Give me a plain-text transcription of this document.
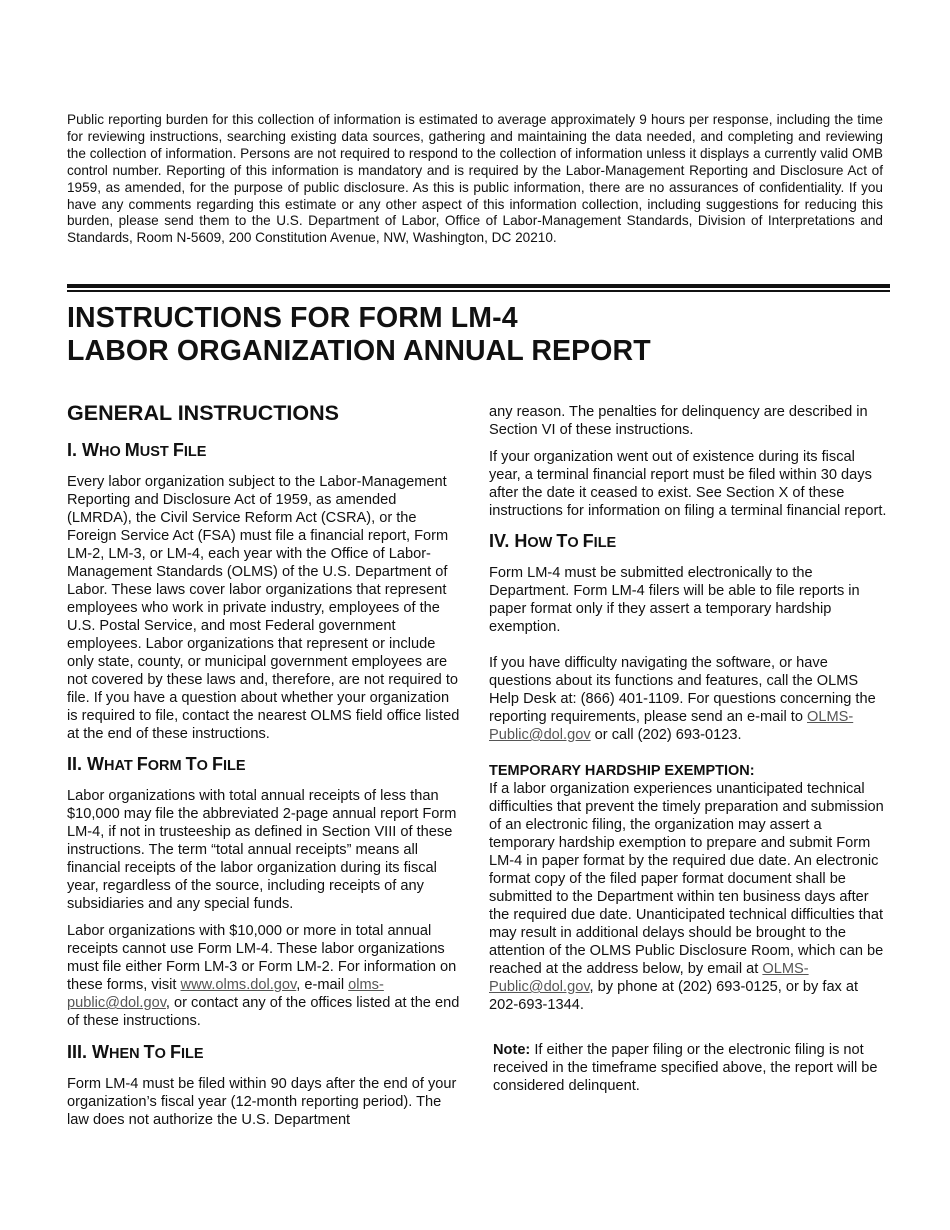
Public reporting burden for this collection of information is estimated to average approximately 9 hours per response, including the time for reviewing instructions, searching existing data sources, gathering and maintaining the data needed, and completing and reviewing the collection of information. Persons are not required to respond to the collection of information unless it displays a currently valid OMB control number. Reporting of this information is mandatory and is required by the Labor-Management Reporting and Disclosure Act of 1959, as amended, for the purpose of public disclosure. As this is public information, there are no assurances of confidentiality. If you have any comments regarding this estimate or any other aspect of this information collection, including suggestions for reducing this burden, please send them to the U.S. Department of Labor, Office of Labor-Management Standards, Division of Interpretations and Standards, Room N-5609, 200 Constitution Avenue, NW, Washington, DC 20210.

INSTRUCTIONS FOR FORM LM-4
LABOR ORGANIZATION ANNUAL REPORT
GENERAL INSTRUCTIONS
I. WHO MUST FILE

Every labor organization subject to the Labor-Management Reporting and Disclosure Act of 1959, as amended (LMRDA), the Civil Service Reform Act (CSRA), or the Foreign Service Act (FSA) must file a financial report, Form LM-2, LM-3, or LM-4, each year with the Office of Labor- Management Standards (OLMS) of the U.S. Department of Labor. These laws cover labor organizations that represent employees who work in private industry, employees of the
U.S. Postal Service, and most Federal government employees. Labor organizations that represent or include only state, county, or municipal government employees are not covered by these laws and, therefore, are not required to file. If you have a question about whether your organization is required to file, contact the nearest OLMS field office listed at the end of these instructions.

II. WHAT FORM TO FILE

Labor organizations with total annual receipts of less than $10,000 may file the abbreviated 2-page annual report Form LM-4, if not in trusteeship as defined in Section VIII of these instructions. The term “total annual receipts” means all financial receipts of the labor organization during its fiscal year, regardless of the source, including receipts of any subsidiaries and any special funds.

Labor organizations with $10,000 or more in total annual receipts cannot use Form LM-4. These labor organizations must file either Form LM-3 or Form LM-2. For information on these forms, visit www.olms.dol.gov, e-mail olms-public@dol.gov, or contact any of the offices listed at the end of these instructions.

III. WHEN TO FILE

Form LM-4 must be filed within 90 days after the end of your organization’s fiscal year (12-month reporting period). The law does not authorize the U.S. Department

any reason. The penalties for delinquency are described in Section VI of these instructions.

If your organization went out of existence during its fiscal year, a terminal financial report must be filed within 30 days after the date it ceased to exist. See Section X of these instructions for information on filing a terminal financial report.

IV. HOW TO FILE

Form LM-4 must be submitted electronically to the Department. Form LM-4 filers will be able to file reports in paper format only if they assert a temporary hardship exemption.

If you have difficulty navigating the software, or have questions about its functions and features, call the OLMS Help Desk at: (866) 401-1109. For questions concerning the reporting requirements, please send an e-mail to OLMS-Public@dol.gov or call (202) 693-0123.

TEMPORARY HARDSHIP EXEMPTION:

If a labor organization experiences unanticipated technical difficulties that prevent the timely preparation and submission of an electronic filing, the organization may assert a temporary hardship exemption to prepare and submit Form LM-4 in paper format by the required due date. An electronic format copy of the filed paper format document shall be submitted to the Department within ten business days after the required due date. Unanticipated technical difficulties that may result in additional delays should be brought to the attention of the OLMS Public Disclosure Room, which can be reached at the address below, by email at OLMS-Public@dol.gov, by phone at (202) 693-0125, or by fax at 202-693-1344.

Note: If either the paper filing or the electronic filing is not received in the timeframe specified above, the report will be considered delinquent.
